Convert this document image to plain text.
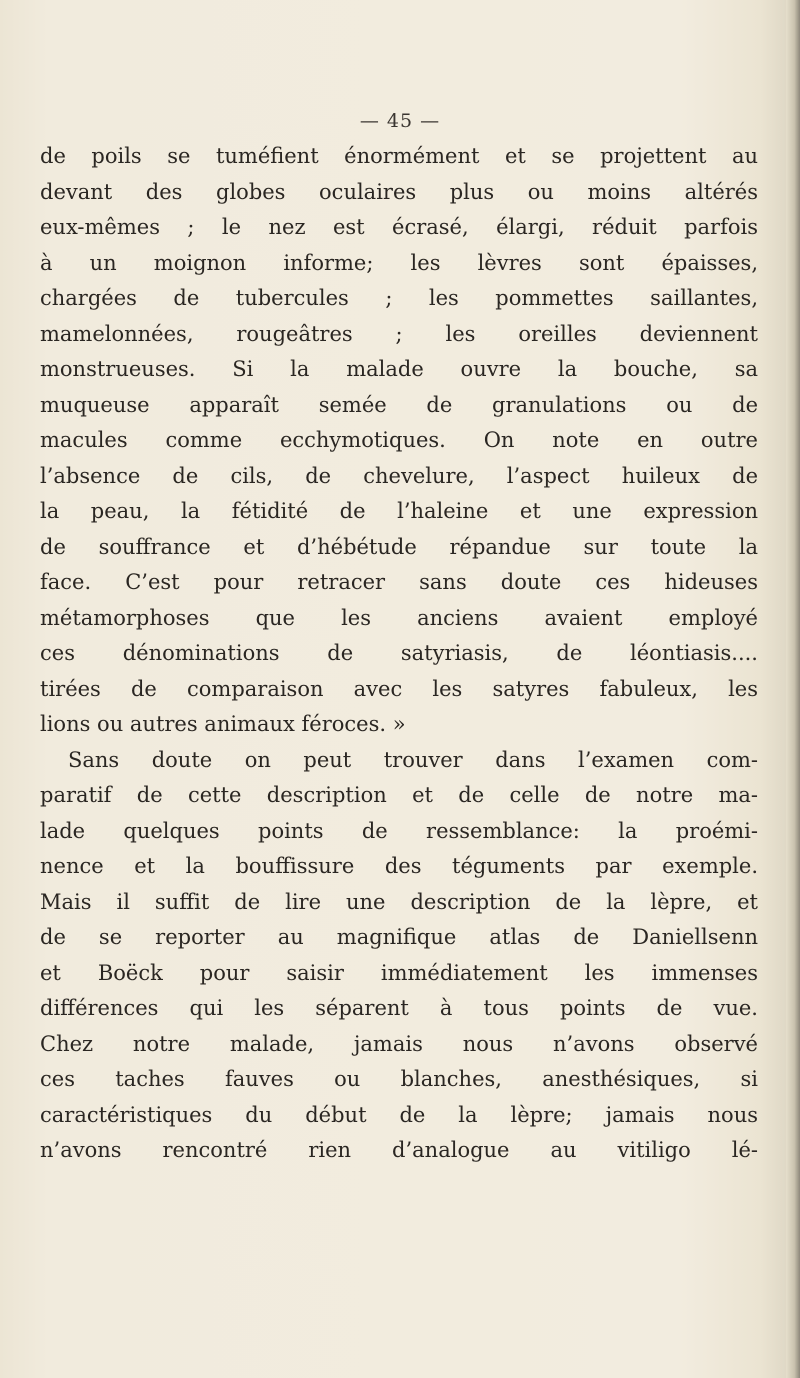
— 45 —
de poils se tuméfient énormément et se projettent au
devant des globes oculaires plus ou moins altérés
eux-mêmes ; le nez est écrasé, élargi, réduit parfois
à un moignon informe; les lèvres sont épaisses,
chargées de tubercules ; les pommettes saillantes,
mamelonnées, rougeâtres ; les oreilles deviennent
monstrueuses. Si la malade ouvre la bouche, sa
muqueuse apparaît semée de granulations ou de
macules comme ecchymotiques. On note en outre
l’absence de cils, de chevelure, l’aspect huileux de
la peau, la fétidité de l’haleine et une expression
de souffrance et d’hébétude répandue sur toute la
face. C’est pour retracer sans doute ces hideuses
métamorphoses que les anciens avaient employé
ces dénominations de satyriasis, de léontiasis....
tirées de comparaison avec les satyres fabuleux, les
lions ou autres animaux féroces. »
Sans doute on peut trouver dans l’examen com-
paratif de cette description et de celle de notre ma-
lade quelques points de ressemblance: la proémi-
nence et la bouffissure des téguments par exemple.
Mais il suffit de lire une description de la lèpre, et
de se reporter au magnifique atlas de Daniellsenn
et Boëck pour saisir immédiatement les immenses
différences qui les séparent à tous points de vue.
Chez notre malade, jamais nous n’avons observé
ces taches fauves ou blanches, anesthésiques, si
caractéristiques du début de la lèpre; jamais nous
n’avons rencontré rien d’analogue au vitiligo lé-
